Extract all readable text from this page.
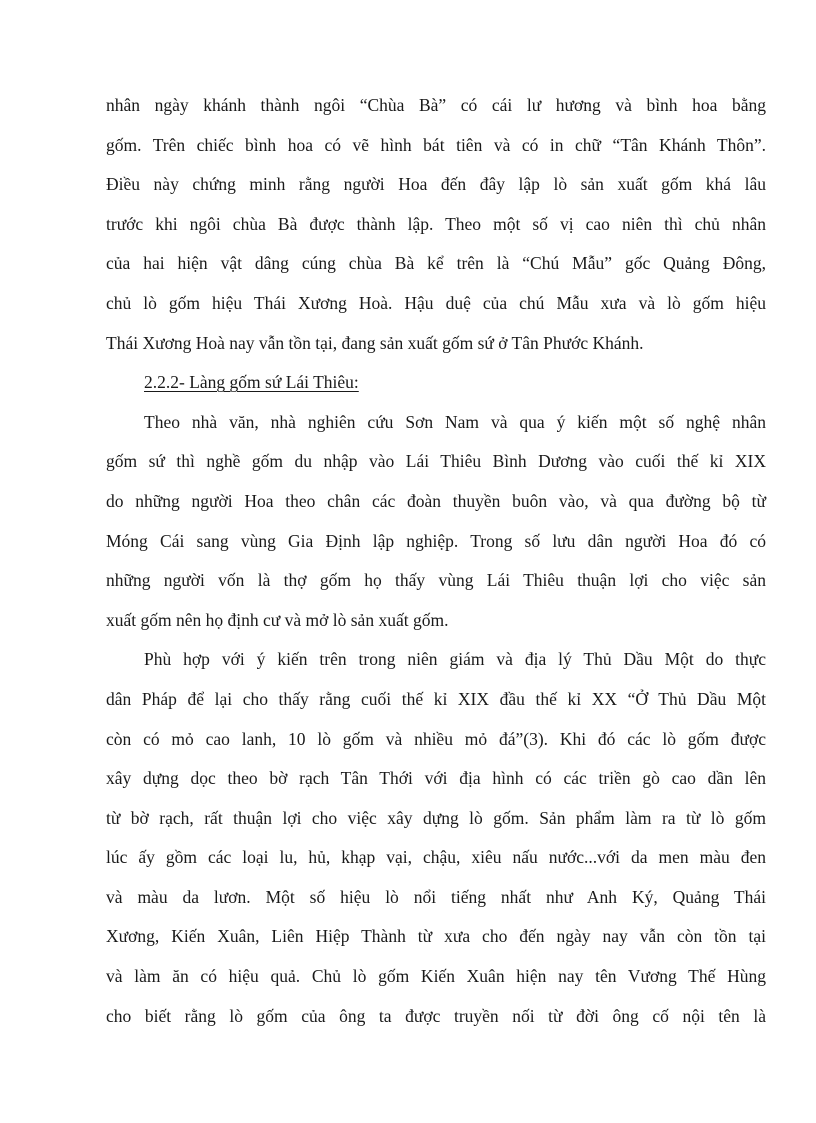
nhân ngày khánh thành ngôi “Chùa Bà” có cái lư hương và bình hoa bằng
gốm. Trên chiếc bình hoa có vẽ hình bát tiên và có in chữ “Tân Khánh Thôn”.
Điều này chứng minh rằng người Hoa đến đây lập lò sản xuất gốm khá lâu
trước khi ngôi chùa Bà được thành lập. Theo một số vị cao niên thì chủ nhân
của hai hiện vật dâng cúng chùa Bà kể trên là “Chú Mẫu” gốc Quảng Đông,
chủ lò gốm hiệu Thái Xương Hoà. Hậu duệ của chú Mẫu xưa và lò gốm hiệu
Thái Xương Hoà nay vẫn tồn tại, đang sản xuất gốm sứ ở Tân Phước Khánh.
2.2.2- Làng gốm sứ Lái Thiêu:
Theo nhà văn, nhà nghiên cứu Sơn Nam và qua ý kiến một số nghệ nhân
gốm sứ thì nghề gốm du nhập vào Lái Thiêu Bình Dương vào cuối thế kỉ XIX
do những người Hoa theo chân các đoàn thuyền buôn vào, và qua đường bộ từ
Móng Cái sang vùng Gia Định lập nghiệp. Trong số lưu dân người Hoa đó có
những người vốn là thợ gốm họ thấy vùng Lái Thiêu thuận lợi cho việc sản
xuất gốm nên họ định cư và mở lò sản xuất gốm.
Phù hợp với ý kiến trên trong niên giám và địa lý Thủ Dầu Một do thực
dân Pháp để lại cho thấy rằng cuối thế kỉ XIX đầu thế kỉ XX “Ở Thủ Dầu Một
còn có mỏ cao lanh, 10 lò gốm và nhiều mỏ đá”(3). Khi đó các lò gốm được
xây dựng dọc theo bờ rạch Tân Thới với địa hình có các triền gò cao dần lên
từ bờ rạch, rất thuận lợi cho việc xây dựng lò gốm. Sản phẩm làm ra từ lò gốm
lúc ấy gồm các loại lu, hủ, khạp vại, chậu, xiêu nấu nước...với da men màu đen
và màu da lươn. Một số hiệu lò nổi tiếng nhất như Anh Ký, Quảng Thái
Xương, Kiến Xuân, Liên Hiệp Thành từ xưa cho đến ngày nay vẫn còn tồn tại
và làm ăn có hiệu quả. Chủ lò gốm Kiến Xuân hiện nay tên Vương Thế Hùng
cho biết rằng lò gốm của ông ta được truyền nối từ đời ông cố nội tên là
